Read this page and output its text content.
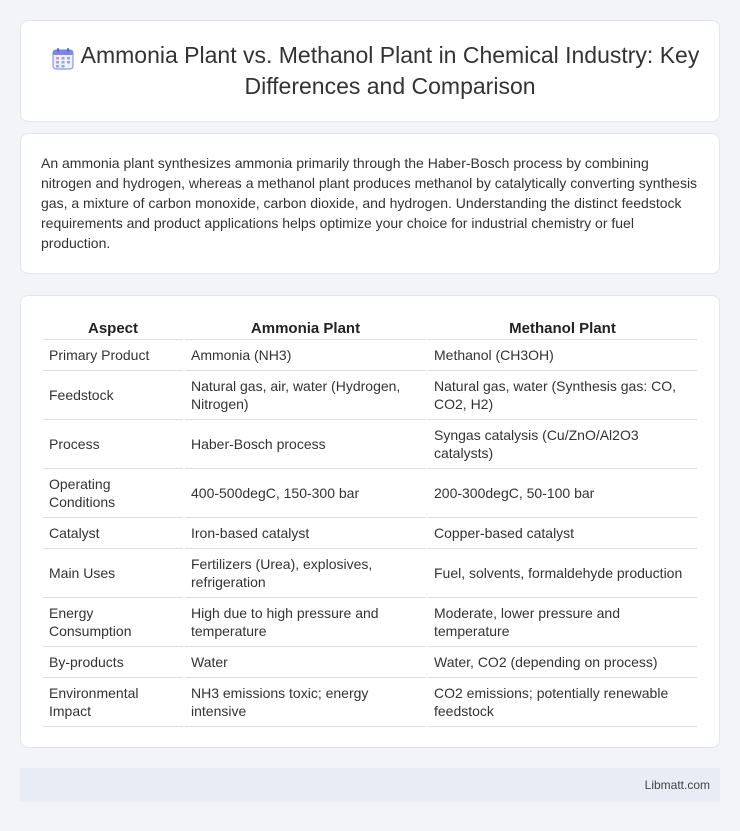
Ammonia Plant vs. Methanol Plant in Chemical Industry: Key Differences and Comparison

An ammonia plant synthesizes ammonia primarily through the Haber-Bosch process by combining nitrogen and hydrogen, whereas a methanol plant produces methanol by catalytically converting synthesis gas, a mixture of carbon monoxide, carbon dioxide, and hydrogen. Understanding the distinct feedstock requirements and product applications helps optimize your choice for industrial chemistry or fuel production.

Aspect	Ammonia Plant	Methanol Plant
Primary Product	Ammonia (NH3)	Methanol (CH3OH)
Feedstock	Natural gas, air, water (Hydrogen, Nitrogen)	Natural gas, water (Synthesis gas: CO, CO2, H2)
Process	Haber-Bosch process	Syngas catalysis (Cu/ZnO/Al2O3 catalysts)
Operating Conditions	400-500degC, 150-300 bar	200-300degC, 50-100 bar
Catalyst	Iron-based catalyst	Copper-based catalyst
Main Uses	Fertilizers (Urea), explosives, refrigeration	Fuel, solvents, formaldehyde production
Energy Consumption	High due to high pressure and temperature	Moderate, lower pressure and temperature
By-products	Water	Water, CO2 (depending on process)
Environmental Impact	NH3 emissions toxic; energy intensive	CO2 emissions; potentially renewable feedstock
Libmatt.com
